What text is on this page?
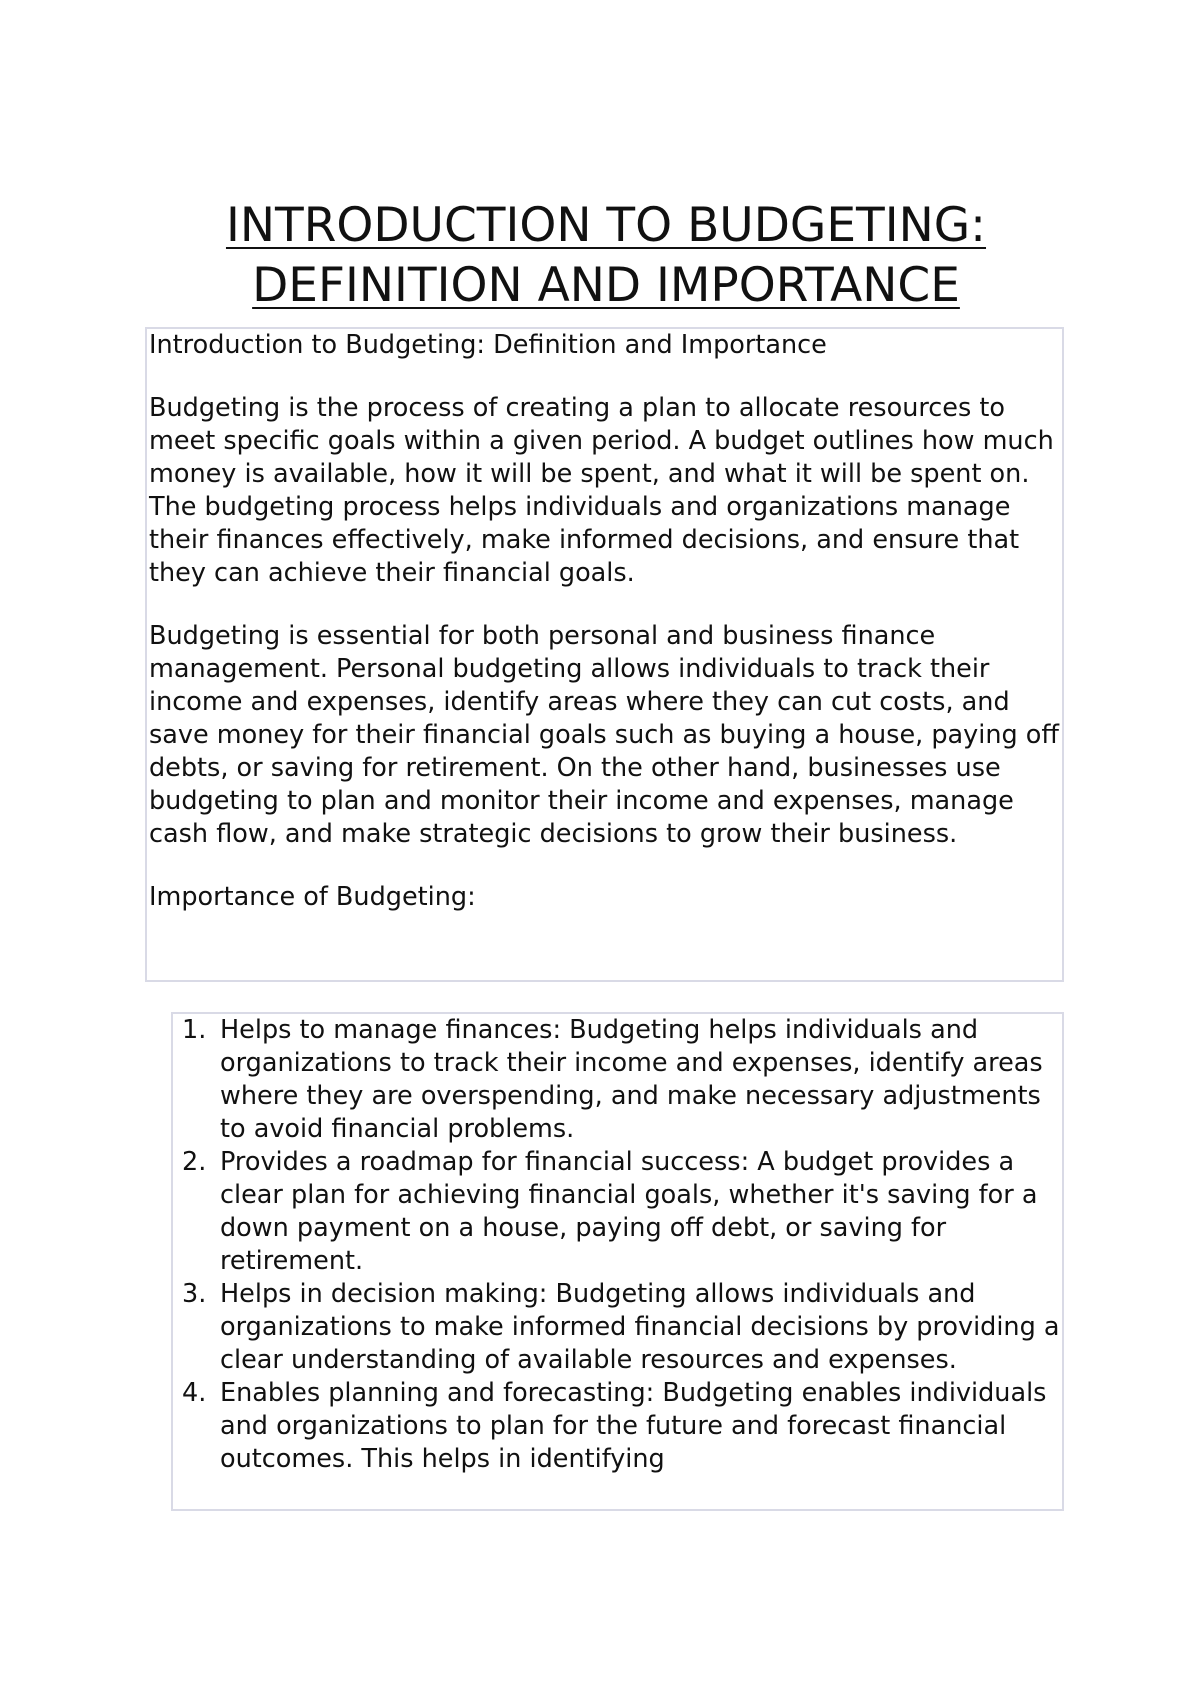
INTRODUCTION TO BUDGETING:
DEFINITION AND IMPORTANCE

Introduction to Budgeting: Definition and Importance

Budgeting is the process of creating a plan to allocate resources to meet specific goals within a given period. A budget outlines how much money is available, how it will be spent, and what it will be spent on. The budgeting process helps individuals and organizations manage their finances effectively, make informed decisions, and ensure that they can achieve their financial goals.

Budgeting is essential for both personal and business finance management. Personal budgeting allows individuals to track their income and expenses, identify areas where they can cut costs, and save money for their financial goals such as buying a house, paying off debts, or saving for retirement. On the other hand, businesses use budgeting to plan and monitor their income and expenses, manage cash flow, and make strategic decisions to grow their business.

Importance of Budgeting:

1. Helps to manage finances: Budgeting helps individuals and organizations to track their income and expenses, identify areas where they are overspending, and make necessary adjustments to avoid financial problems.
2. Provides a roadmap for financial success: A budget provides a clear plan for achieving financial goals, whether it's saving for a down payment on a house, paying off debt, or saving for retirement.
3. Helps in decision making: Budgeting allows individuals and organizations to make informed financial decisions by providing a clear understanding of available resources and expenses.
4. Enables planning and forecasting: Budgeting enables individuals and organizations to plan for the future and forecast financial outcomes. This helps in identifying
